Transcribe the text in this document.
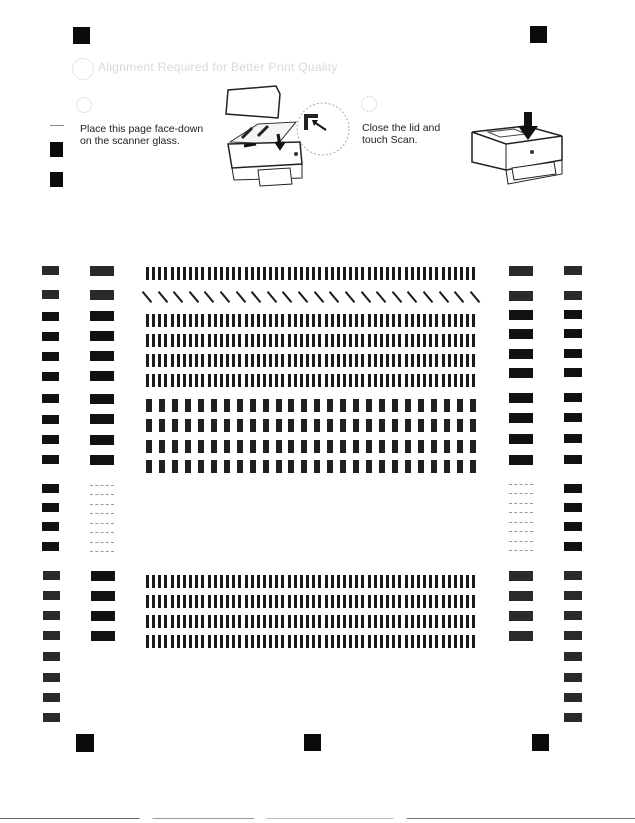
Alignment Required for Better Print Quality
Place this page face-down
on the scanner glass.
Close the lid and
touch Scan.
